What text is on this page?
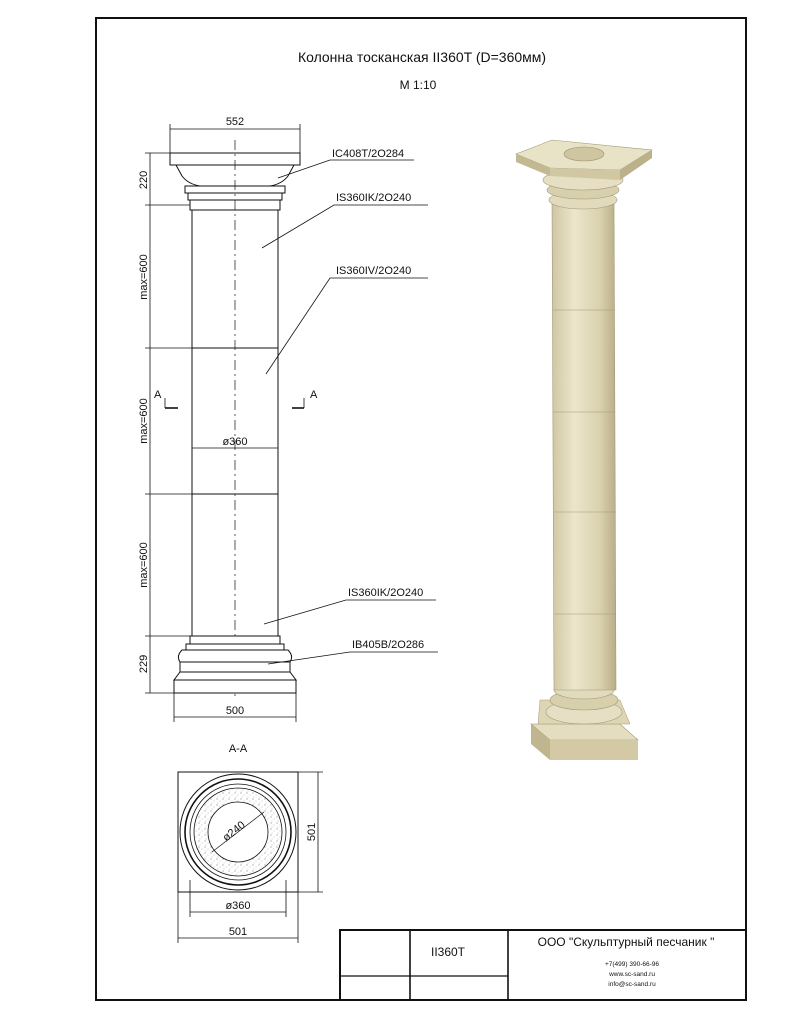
Колонна тосканская II360T (D=360мм)
М 1:10
552
500
220
max=600
max=600
max=600
229
ø360
A	A
IC408T/2O284
IS360IK/2O240
IS360IV/2O240
IS360IK/2O240
IB405B/2O286
A-A
ø240
ø360
501
501
II360T
ООО "Скульптурный песчаник "
+7(499) 390-66-96
www.sc-sand.ru
info@sc-sand.ru
